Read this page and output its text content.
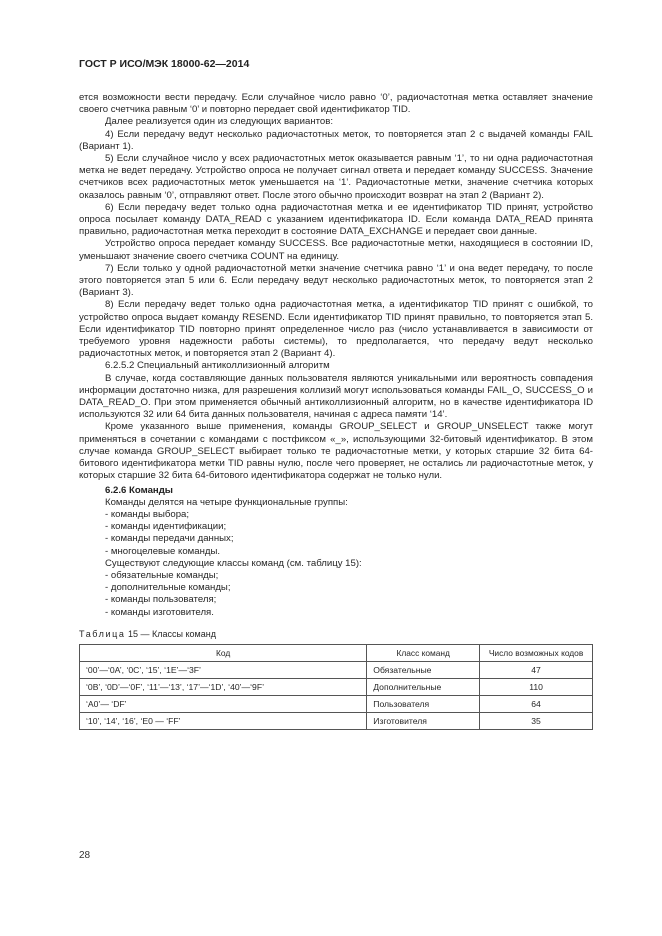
ГОСТ Р ИСО/МЭК 18000-62—2014

ется возможности вести передачу. Если случайное число равно ‘0’, радиочастотная метка оставляет значение своего счетчика равным ‘0’ и повторно передает свой идентификатор TID.

Далее реализуется один из следующих вариантов:

4) Если передачу ведут несколько радиочастотных меток, то повторяется этап 2 с выдачей команды FAIL (Вариант 1).

5) Если случайное число у всех радиочастотных меток оказывается равным ‘1’, то ни одна радиочастотная метка не ведет передачу. Устройство опроса не получает сигнал ответа и передает команду SUCCESS. Значение счетчиков всех радиочастотных меток уменьшается на ‘1’. Радиочастотные метки, значение счетчика которых оказалось равным ‘0’, отправляют ответ. После этого обычно происходит возврат на этап 2 (Вариант 2).

6) Если передачу ведет только одна радиочастотная метка и ее идентификатор TID принят, устройство опроса посылает команду DATA_READ с указанием идентификатора ID. Если команда DATA_READ принята правильно, радиочастотная метка переходит в состояние DATA_EXCHANGE и передает свои данные.

Устройство опроса передает команду SUCCESS. Все радиочастотные метки, находящиеся в состоянии ID, уменьшают значение своего счетчика COUNT на единицу.

7) Если только у одной радиочастотной метки значение счетчика равно ‘1’ и она ведет передачу, то после этого повторяется этап 5 или 6. Если передачу ведут несколько радиочастотных меток, то повторяется этап 2 (Вариант 3).

8) Если передачу ведет только одна радиочастотная метка, а идентификатор TID принят с ошибкой, то устройство опроса выдает команду RESEND. Если идентификатор TID принят правильно, то повторяется этап 5. Если идентификатор TID повторно принят определенное число раз (число устанавливается в зависимости от требуемого уровня надежности работы системы), то предполагается, что передачу ведут несколько радиочастотных меток, и повторяется этап 2 (Вариант 4).

6.2.5.2 Специальный антиколлизионный алгоритм

В случае, когда составляющие данных пользователя являются уникальными или вероятность совпадения информации достаточно низка, для разрешения коллизий могут использоваться команды FAIL_O, SUCCESS_O и DATA_READ_O. При этом применяется обычный антиколлизионный алгоритм, но в качестве идентификатора ID используются 32 или 64 бита данных пользователя, начиная с адреса памяти ‘14’.

Кроме указанного выше применения, команды GROUP_SELECT и GROUP_UNSELECT также могут применяться в сочетании с командами с постфиксом «_», использующими 32-битовый идентификатор. В этом случае команда GROUP_SELECT выбирает только те радиочастотные метки, у которых старшие 32 бита 64-битового идентификатора метки TID равны нулю, после чего проверяет, не остались ли радиочастотные меток, у которых старшие 32 бита 64-битового идентификатора содержат не только нули.

6.2.6 Команды

Команды делятся на четыре функциональные группы:

- команды выбора;

- команды идентификации;

- команды передачи данных;

- многоцелевые команды.

Существуют следующие классы команд (см. таблицу 15):

- обязательные команды;

- дополнительные команды;

- команды пользователя;

- команды изготовителя.

Таблица 15 — Классы команд
Код	Класс команд	Число возможных кодов
‘00’—‘0A’, ‘0C’, ‘15’, ‘1E’—‘3F’	Обязательные	47
‘0B’, ‘0D’—‘0F’, ‘11’—‘13’, ‘17’—‘1D’, ‘40’—‘9F’	Дополнительные	110
‘A0’— ‘DF’	Пользователя	64
‘10’, ‘14’, ‘16’, ‘E0 — ‘FF’	Изготовителя	35
28
